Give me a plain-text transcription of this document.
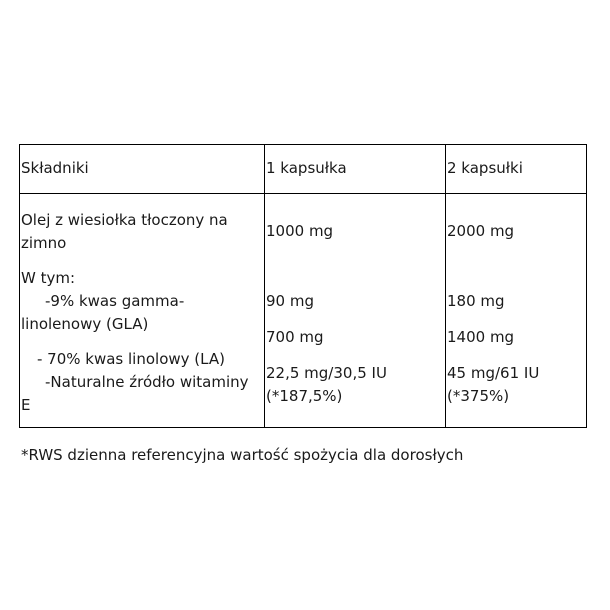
Składniki	1 kapsułka	2 kapsułki
Olej z wiesiołka tłoczony na
zimno
W tym:
-9% kwas gamma-
linolenowy (GLA)
- 70% kwas linolowy (LA)
-Naturalne źródło witaminy
E
1000 mg
90 mg
700 mg
22,5 mg/30,5 IU
(*187,5%)
2000 mg
180 mg
1400 mg
45 mg/61 IU
(*375%)
*RWS dzienna referencyjna wartość spożycia dla dorosłych
